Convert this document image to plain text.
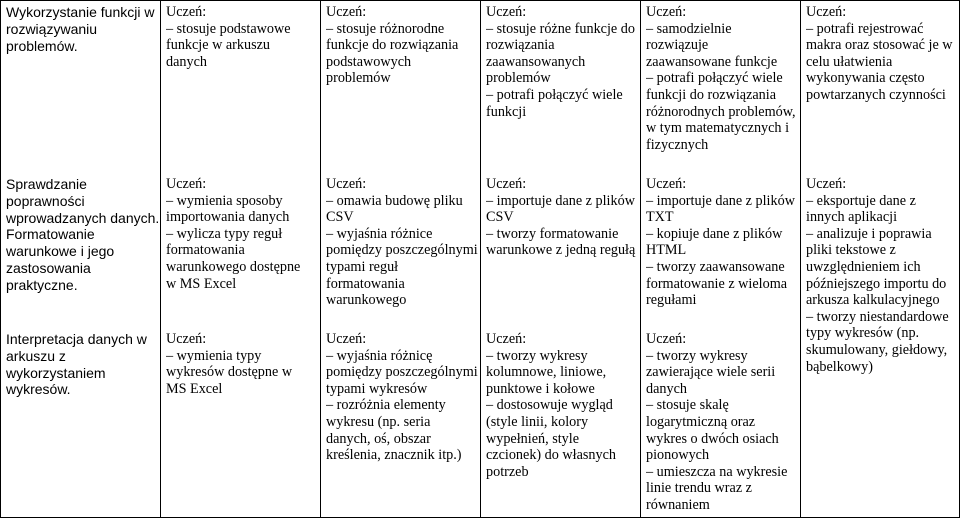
Wykorzystanie funkcji w rozwiązywaniu problemów.
Sprawdzanie poprawności wprowadzanych danych. Formatowanie warunkowe i jego zastosowania praktyczne.
Interpretacja danych w arkuszu z wykorzystaniem wykresów.
Uczeń:
– stosuje podstawowe funkcje w arkuszu danych
Uczeń:
– wymienia sposoby importowania danych
– wylicza typy reguł formatowania warunkowego dostępne w MS Excel
Uczeń:
– wymienia typy wykresów dostępne w MS Excel
Uczeń:
– stosuje różnorodne funkcje do rozwiązania podstawowych problemów
Uczeń:
– omawia budowę pliku CSV
– wyjaśnia różnice pomiędzy poszczególnymi typami reguł formatowania warunkowego
Uczeń:
– wyjaśnia różnicę pomiędzy poszczególnymi typami wykresów
– rozróżnia elementy wykresu (np. seria danych, oś, obszar kreślenia, znacznik itp.)
Uczeń:
– stosuje różne funkcje do rozwiązania zaawansowanych problemów
– potrafi połączyć wiele funkcji
Uczeń:
– importuje dane z plików CSV
– tworzy formatowanie warunkowe z jedną regułą
Uczeń:
– tworzy wykresy kolumnowe, liniowe, punktowe i kołowe
– dostosowuje wygląd (style linii, kolory wypełnień, style czcionek) do własnych potrzeb
Uczeń:
– samodzielnie rozwiązuje zaawansowane funkcje
– potrafi połączyć wiele funkcji do rozwiązania różnorodnych problemów, w tym matematycznych i fizycznych
Uczeń:
– importuje dane z plików TXT
– kopiuje dane z plików HTML
– tworzy zaawansowane formatowanie z wieloma regułami
Uczeń:
– tworzy wykresy zawierające wiele serii danych
– stosuje skalę logarytmiczną oraz wykres o dwóch osiach pionowych
– umieszcza na wykresie linie trendu wraz z równaniem
Uczeń:
– potrafi rejestrować makra oraz stosować je w celu ułatwienia wykonywania często powtarzanych czynności
Uczeń:
– eksportuje dane z innych aplikacji
– analizuje i poprawia pliki tekstowe z uwzględnieniem ich późniejszego importu do arkusza kalkulacyjnego
– tworzy niestandardowe typy wykresów (np. skumulowany, giełdowy, bąbelkowy)
